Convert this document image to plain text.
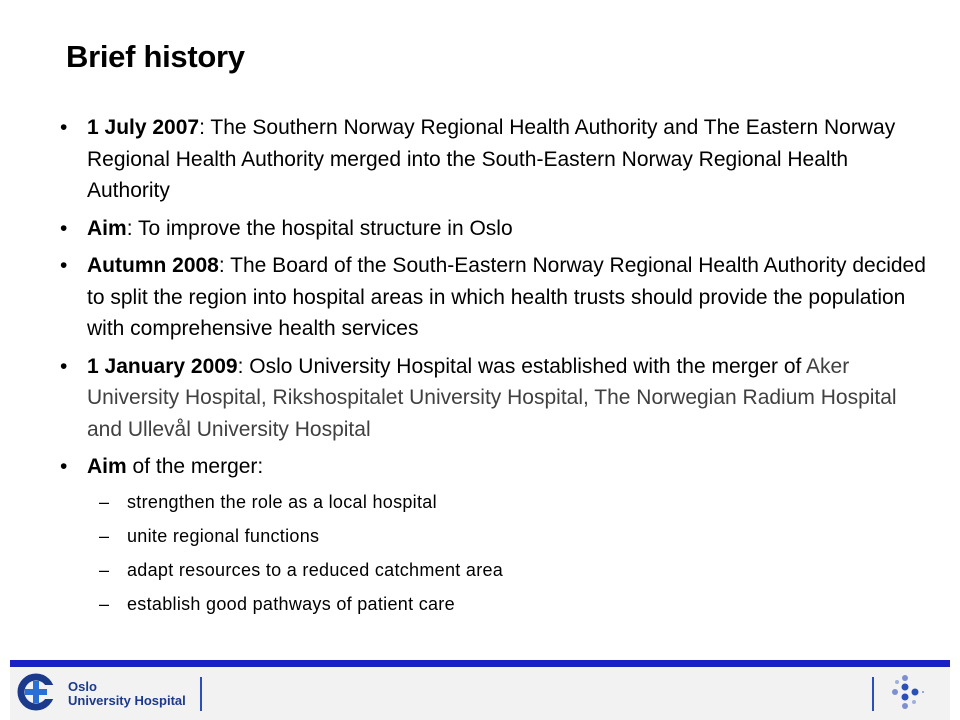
Brief history
• 1 July 2007: The Southern Norway Regional Health Authority and The Eastern Norway Regional Health Authority merged into the South-Eastern Norway Regional Health Authority
• Aim: To improve the hospital structure in Oslo
• Autumn 2008: The Board of the South-Eastern Norway Regional Health Authority decided to split the region into hospital areas in which health trusts should provide the population with comprehensive health services
• 1 January 2009: Oslo University Hospital was established with the merger of Aker University Hospital, Rikshospitalet University Hospital, The Norwegian Radium Hospital and Ullevål University Hospital
• Aim of the merger:
– strengthen the role as a local hospital
– unite regional functions
– adapt resources to a reduced catchment area
– establish good pathways of patient care
Oslo
University Hospital
